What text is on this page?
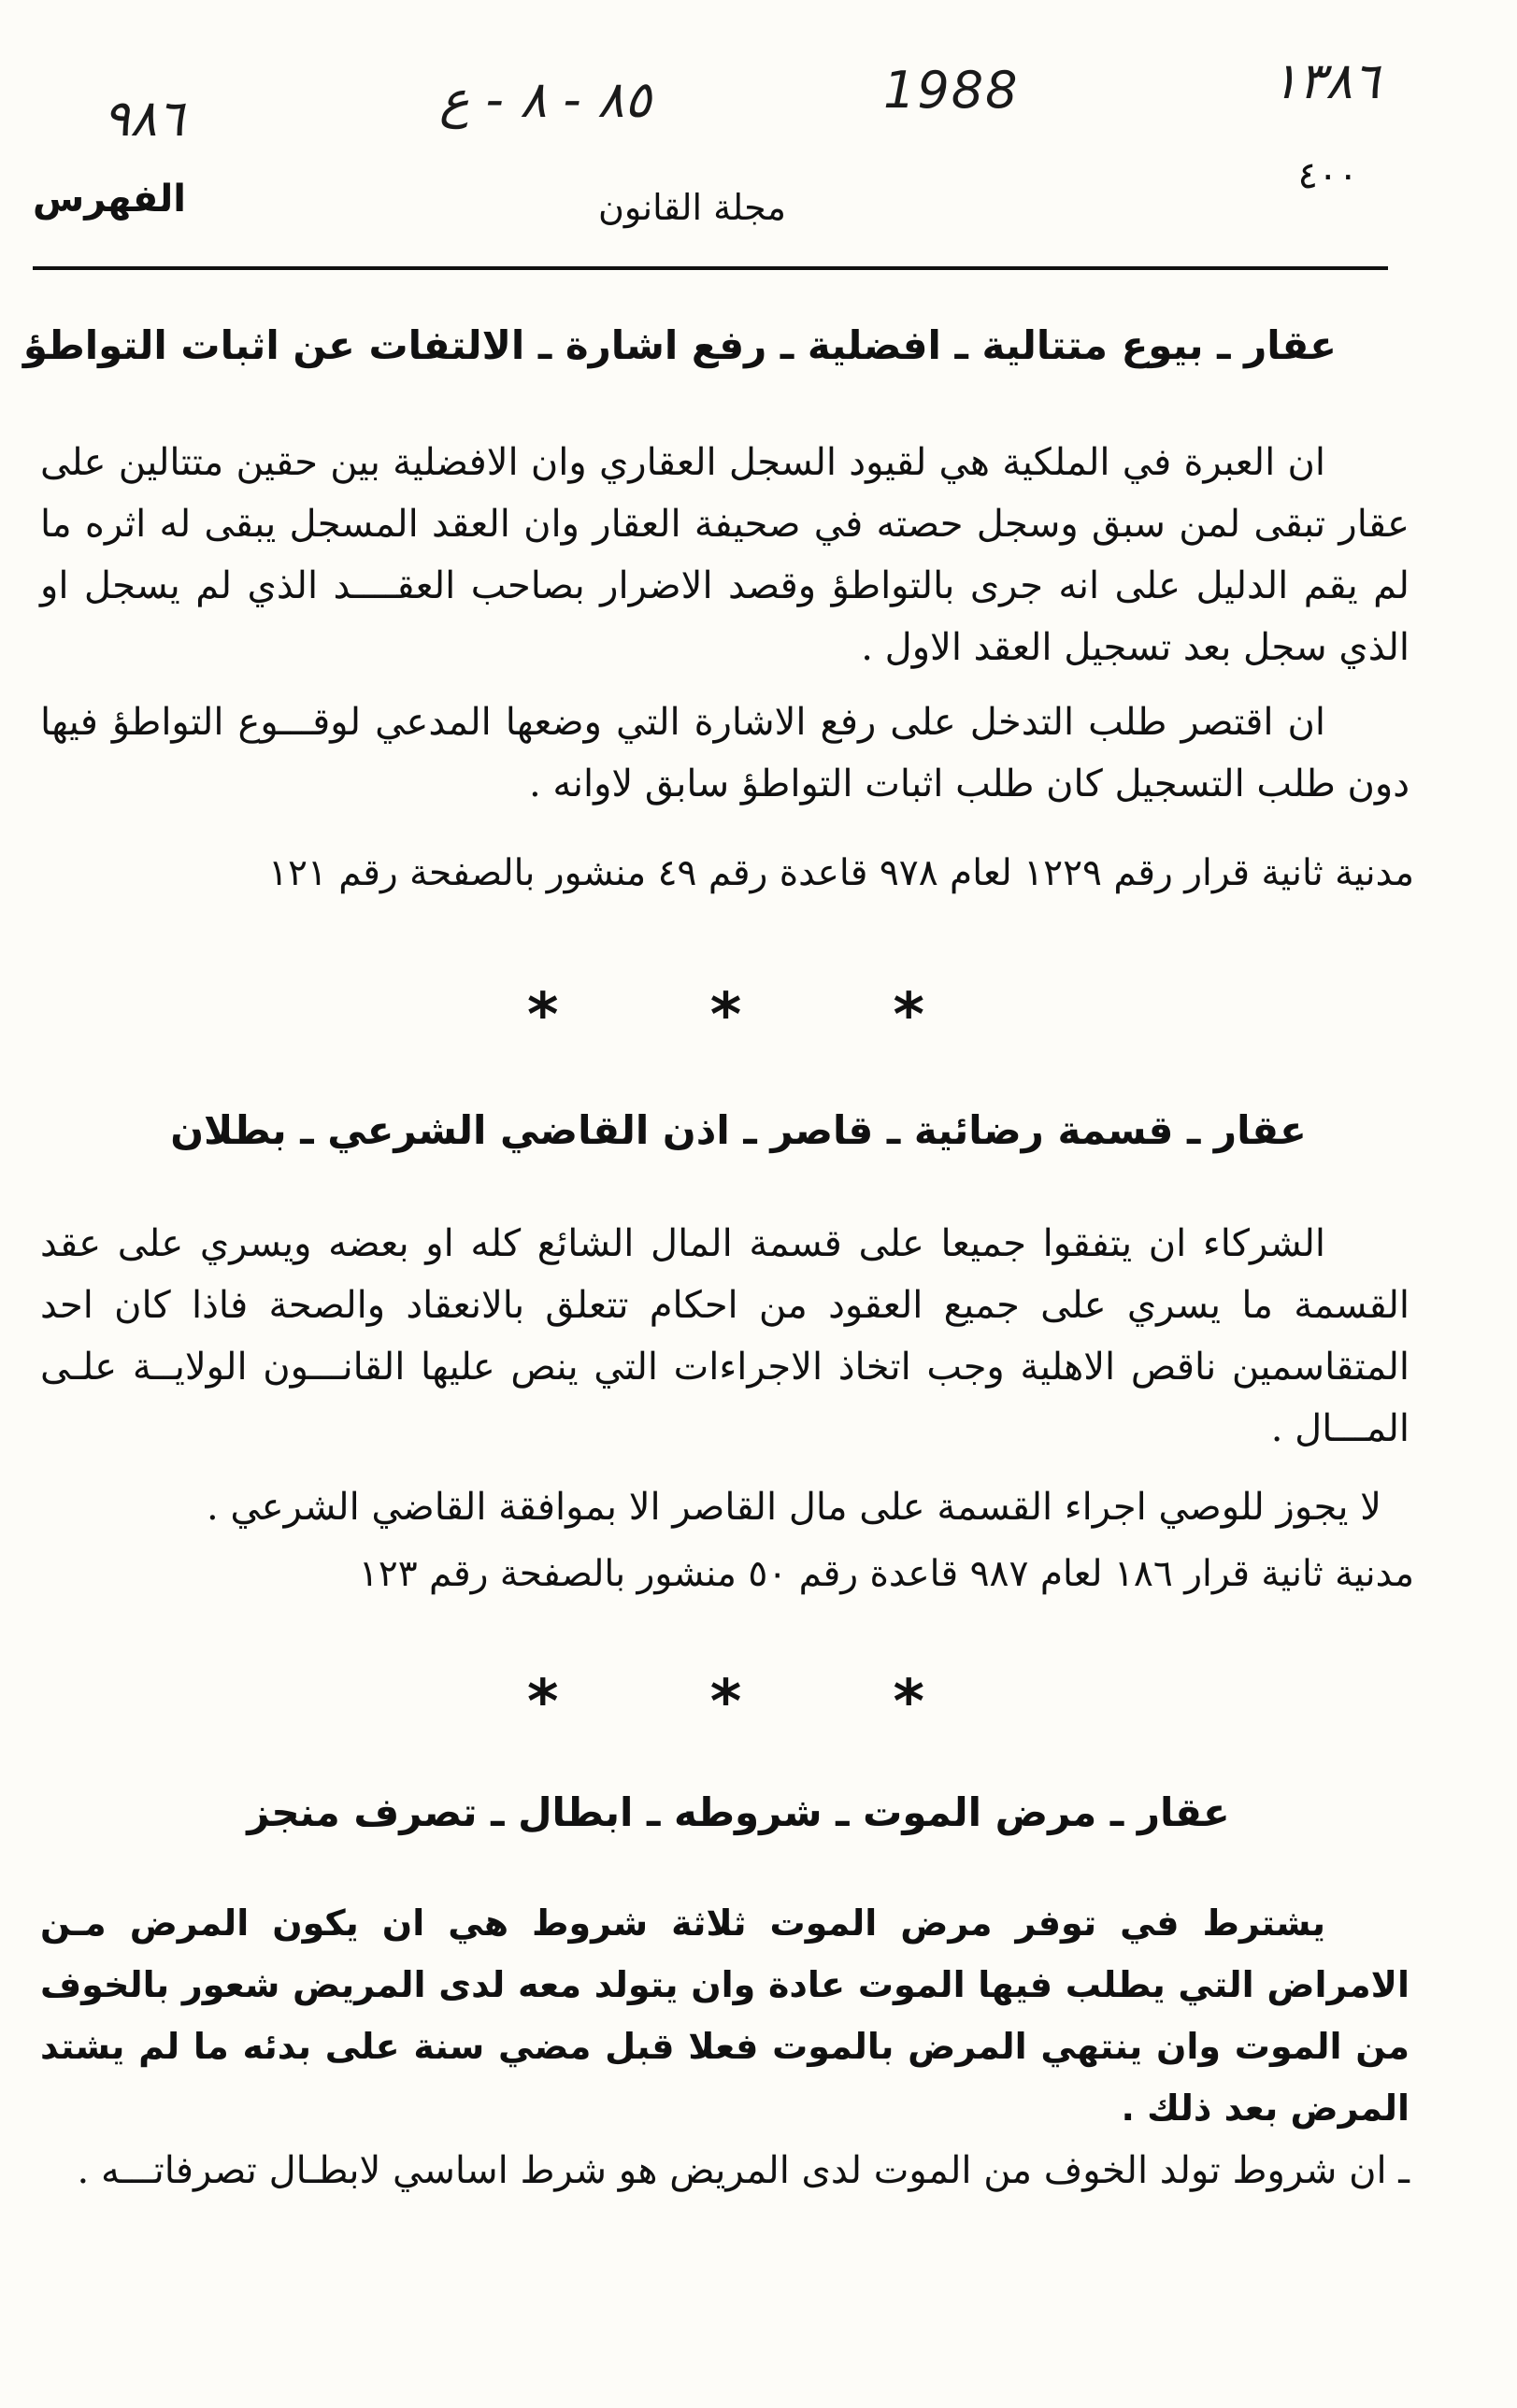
٩٨٦	٨٥ - ٨ - ع	1988	١٣٨٦
٤٠٠
مجلة القانون
الفهرس
عقار ـ بيوع متتالية ـ افضلية ـ رفع اشارة ـ الالتفات عن اثبات التواطؤ
ان العبرة في الملكية هي لقيود السجل العقاري وان الافضلية بين حقين متتالين على عقار تبقى لمن سبق وسجل حصته في صحيفة العقار وان العقد المسجل يبقى له اثره ما لم يقم الدليل على انه جرى بالتواطؤ وقصد الاضرار بصاحب العقــــد الذي لم يسجل او الذي سجل بعد تسجيل العقد الاول .
ان اقتصر طلب التدخل على رفع الاشارة التي وضعها المدعي لوقـــوع التواطؤ فيها دون طلب التسجيل كان طلب اثبات التواطؤ سابق لاوانه .
مدنية ثانية قرار رقم ١٢٢٩ لعام ٩٧٨ قاعدة رقم ٤٩ منشور بالصفحة رقم ١٢١
* * *
عقار ـ قسمة رضائية ـ قاصر ـ اذن القاضي الشرعي ـ بطلان
الشركاء ان يتفقوا جميعا على قسمة المال الشائع كله او بعضه ويسري على عقد القسمة ما يسري على جميع العقود من احكام تتعلق بالانعقاد والصحة فاذا كان احد المتقاسمين ناقص الاهلية وجب اتخاذ الاجراءات التي ينص عليها القانـــون الولايــة علـى المـــال .
لا يجوز للوصي اجراء القسمة على مال القاصر الا بموافقة القاضي الشرعي .
مدنية ثانية قرار ١٨٦ لعام ٩٨٧ قاعدة رقم ٥٠ منشور بالصفحة رقم ١٢٣
* * *
عقار ـ مرض الموت ـ شروطه ـ ابطال ـ تصرف منجز
يشترط في توفر مرض الموت ثلاثة شروط هي ان يكون المرض مـن الامراض التي يطلب فيها الموت عادة وان يتولد معه لدى المريض شعور بالخوف من الموت وان ينتهي المرض بالموت فعلا قبل مضي سنة على بدئه ما لم يشتد المرض بعد ذلك .
ـ ان شروط تولد الخوف من الموت لدى المريض هو شرط اساسي لابطـال تصرفاتـــه .
